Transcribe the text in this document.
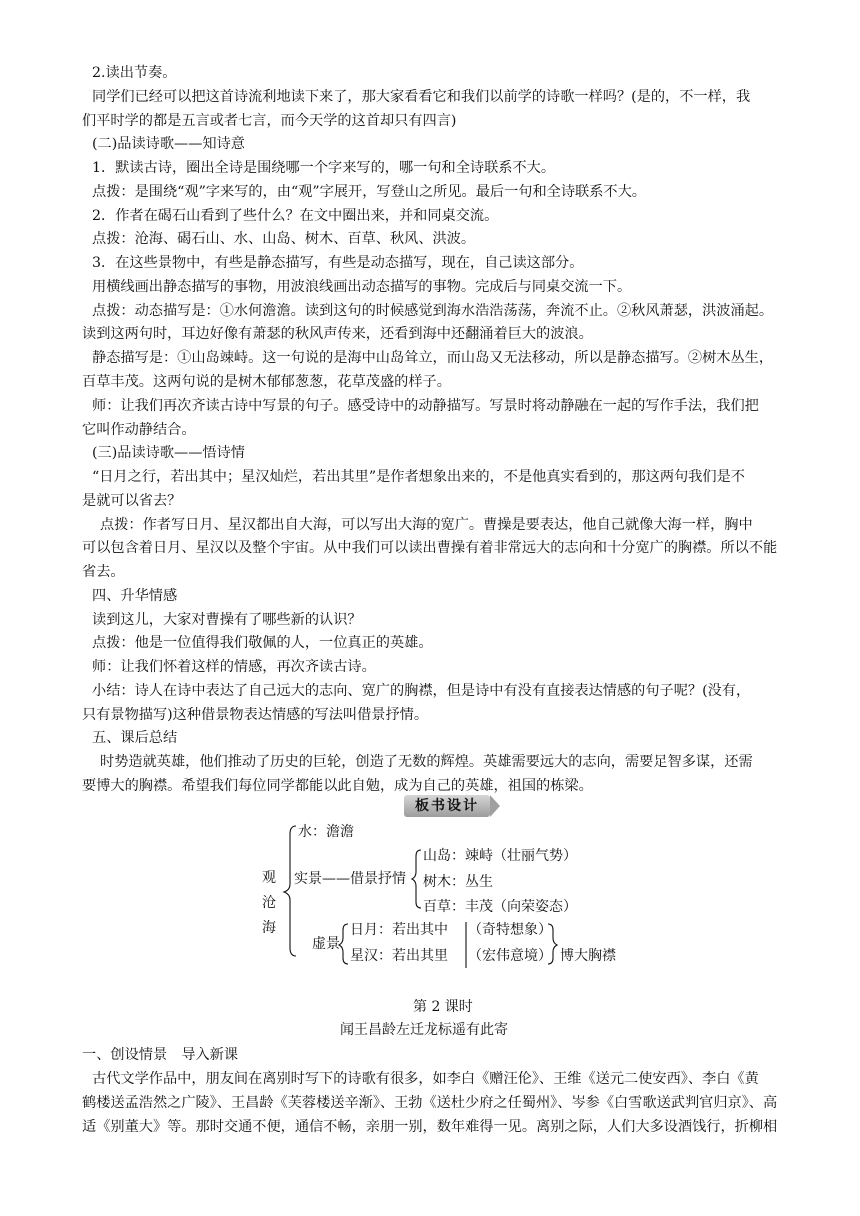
2.读出节奏。
同学们已经可以把这首诗流利地读下来了，那大家看看它和我们以前学的诗歌一样吗？(是的，不一样，我
们平时学的都是五言或者七言，而今天学的这首却只有四言)
(二)品读诗歌——知诗意
1．默读古诗，圈出全诗是围绕哪一个字来写的，哪一句和全诗联系不大。
点拨：是围绕“观”字来写的，由“观”字展开，写登山之所见。最后一句和全诗联系不大。
2．作者在碣石山看到了些什么？在文中圈出来，并和同桌交流。
点拨：沧海、碣石山、水、山岛、树木、百草、秋风、洪波。
3．在这些景物中，有些是静态描写，有些是动态描写，现在，自己读这部分。
用横线画出静态描写的事物，用波浪线画出动态描写的事物。完成后与同桌交流一下。
点拨：动态描写是：①水何澹澹。读到这句的时候感觉到海水浩浩荡荡，奔流不止。②秋风萧瑟，洪波涌起。
读到这两句时，耳边好像有萧瑟的秋风声传来，还看到海中还翻涌着巨大的波浪。
静态描写是：①山岛竦峙。这一句说的是海中山岛耸立，而山岛又无法移动，所以是静态描写。②树木丛生，
百草丰茂。这两句说的是树木郁郁葱葱，花草茂盛的样子。
师：让我们再次齐读古诗中写景的句子。感受诗中的动静描写。写景时将动静融在一起的写作手法，我们把
它叫作动静结合。
(三)品读诗歌——悟诗情
“日月之行，若出其中；星汉灿烂，若出其里”是作者想象出来的，不是他真实看到的，那这两句我们是不
是就可以省去？
点拨：作者写日月、星汉都出自大海，可以写出大海的宽广。曹操是要表达，他自己就像大海一样，胸中
可以包含着日月、星汉以及整个宇宙。从中我们可以读出曹操有着非常远大的志向和十分宽广的胸襟。所以不能
省去。
四、升华情感
读到这儿，大家对曹操有了哪些新的认识？
点拨：他是一位值得我们敬佩的人，一位真正的英雄。
师：让我们怀着这样的情感，再次齐读古诗。
小结：诗人在诗中表达了自己远大的志向、宽广的胸襟，但是诗中有没有直接表达情感的句子呢？(没有，
只有景物描写)这种借景物表达情感的写法叫借景抒情。
五、课后总结
时势造就英雄，他们推动了历史的巨轮，创造了无数的辉煌。英雄需要远大的志向，需要足智多谋，还需
要博大的胸襟。希望我们每位同学都能以此自勉，成为自己的英雄，祖国的栋梁。
板书设计
观
沧
海
水：澹澹
实景——借景抒情
山岛：竦峙（壮丽气势）
树木：丛生
百草：丰茂（向荣姿态）
虚景
日月：若出其中
星汉：若出其里
（奇特想象）
（宏伟意境） 博大胸襟
第 2 课时
闻王昌龄左迁龙标遥有此寄
一、创设情景　导入新课
古代文学作品中，朋友间在离别时写下的诗歌有很多，如李白《赠汪伦》、王维《送元二使安西》、李白《黄
鹤楼送孟浩然之广陵》、王昌龄《芙蓉楼送辛渐》、王勃《送杜少府之任蜀州》、岑参《白雪歌送武判官归京》、高
适《别董大》等。那时交通不便，通信不畅，亲朋一别，数年难得一见。离别之际，人们大多设酒饯行，折柳相
